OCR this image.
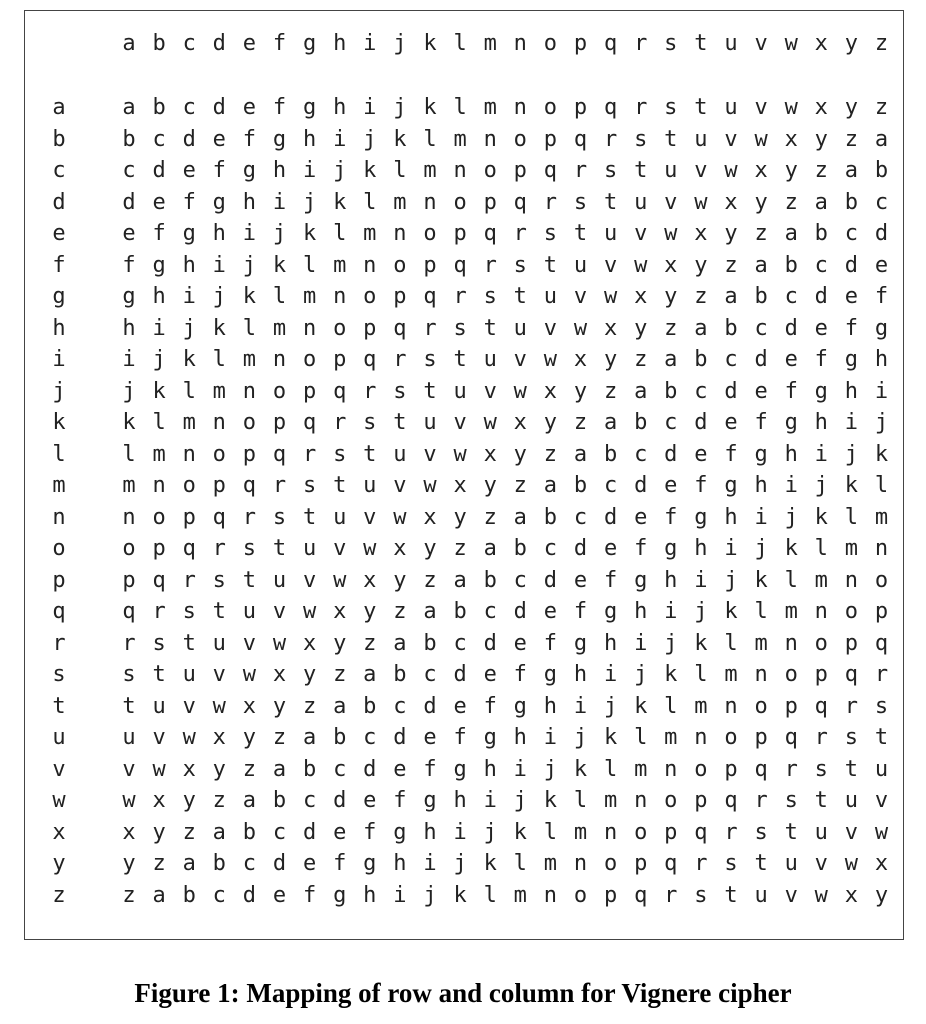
a b c d e f g h i j k l m n o p q r s t u v w x y z
a	a b c d e f g h i j k l m n o p q r s t u v w x y z
b	b c d e f g h i j k l m n o p q r s t u v w x y z a
c	c d e f g h i j k l m n o p q r s t u v w x y z a b
d	d e f g h i j k l m n o p q r s t u v w x y z a b c
e	e f g h i j k l m n o p q r s t u v w x y z a b c d
f	f g h i j k l m n o p q r s t u v w x y z a b c d e
g	g h i j k l m n o p q r s t u v w x y z a b c d e f
h	h i j k l m n o p q r s t u v w x y z a b c d e f g
i	i j k l m n o p q r s t u v w x y z a b c d e f g h
j	j k l m n o p q r s t u v w x y z a b c d e f g h i
k	k l m n o p q r s t u v w x y z a b c d e f g h i j
l	l m n o p q r s t u v w x y z a b c d e f g h i j k
m	m n o p q r s t u v w x y z a b c d e f g h i j k l
n	n o p q r s t u v w x y z a b c d e f g h i j k l m
o	o p q r s t u v w x y z a b c d e f g h i j k l m n
p	p q r s t u v w x y z a b c d e f g h i j k l m n o
q	q r s t u v w x y z a b c d e f g h i j k l m n o p
r	r s t u v w x y z a b c d e f g h i j k l m n o p q
s	s t u v w x y z a b c d e f g h i j k l m n o p q r
t	t u v w x y z a b c d e f g h i j k l m n o p q r s
u	u v w x y z a b c d e f g h i j k l m n o p q r s t
v	v w x y z a b c d e f g h i j k l m n o p q r s t u
w	w x y z a b c d e f g h i j k l m n o p q r s t u v
x	x y z a b c d e f g h i j k l m n o p q r s t u v w
y	y z a b c d e f g h i j k l m n o p q r s t u v w x
z	z a b c d e f g h i j k l m n o p q r s t u v w x y

Figure 1: Mapping of row and column for Vignere cipher
